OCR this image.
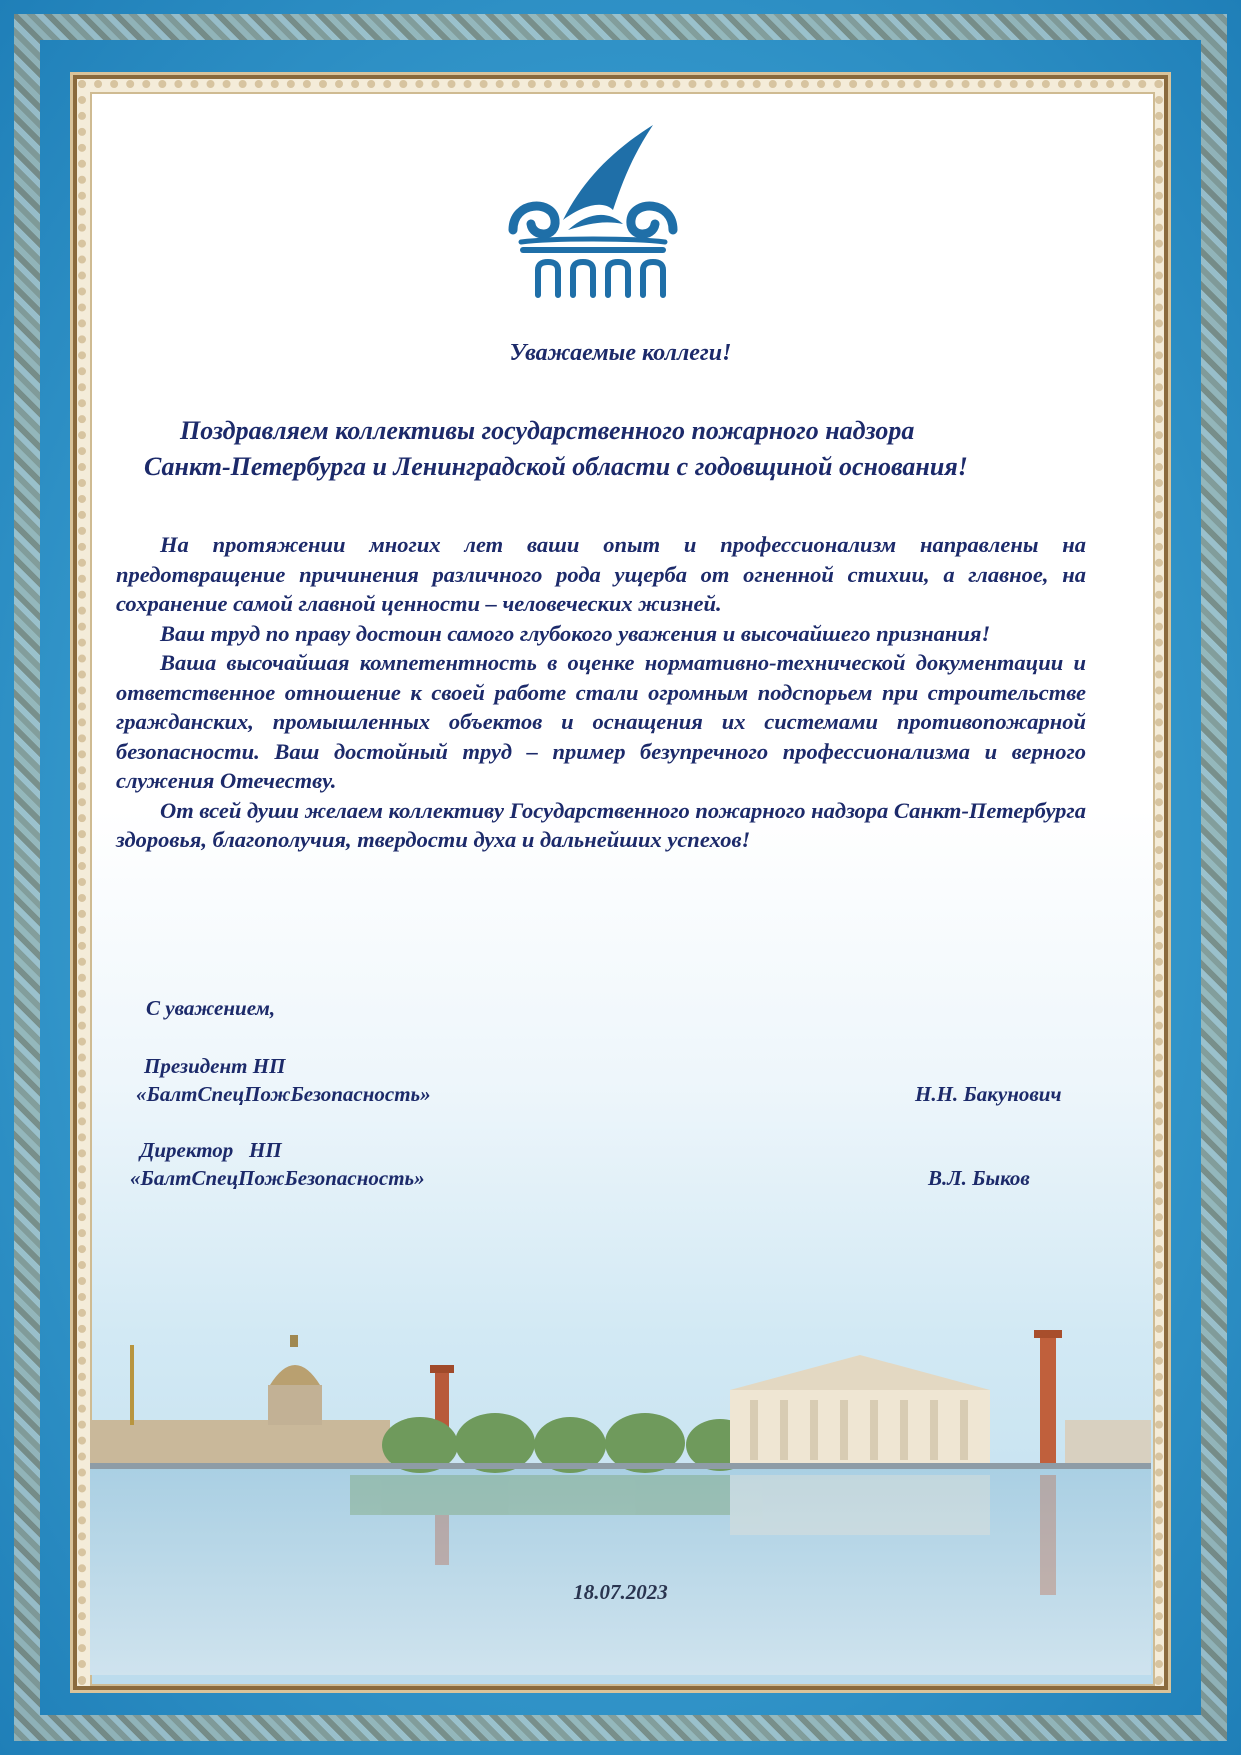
Уважаемые коллеги!
Поздравляем коллективы государственного пожарного надзора
Санкт-Петербурга и Ленинградской области с годовщиной основания!

На протяжении многих лет ваши опыт и профессионализм направлены на предотвращение причинения различного рода ущерба от огненной стихии, а главное, на сохранение самой главной ценности – человеческих жизней.

Ваш труд по праву достоин самого глубокого уважения и высочайшего признания!

Ваша высочайшая компетентность в оценке нормативно-технической документации и ответственное отношение к своей работе стали огромным подспорьем при строительстве гражданских, промышленных объектов и оснащения их системами противопожарной безопасности. Ваш достойный труд – пример безупречного профессионализма и верного служения Отечеству.

От всей души желаем коллективу Государственного пожарного надзора Санкт-Петербурга здоровья, благополучия, твердости духа и дальнейших успехов!

С уважением,
Президент НП
«БалтСпецПожБезопасность»	Н.Н. Бакунович
Директор   НП
«БалтСпецПожБезопасность»	В.Л. Быков
18.07.2023
